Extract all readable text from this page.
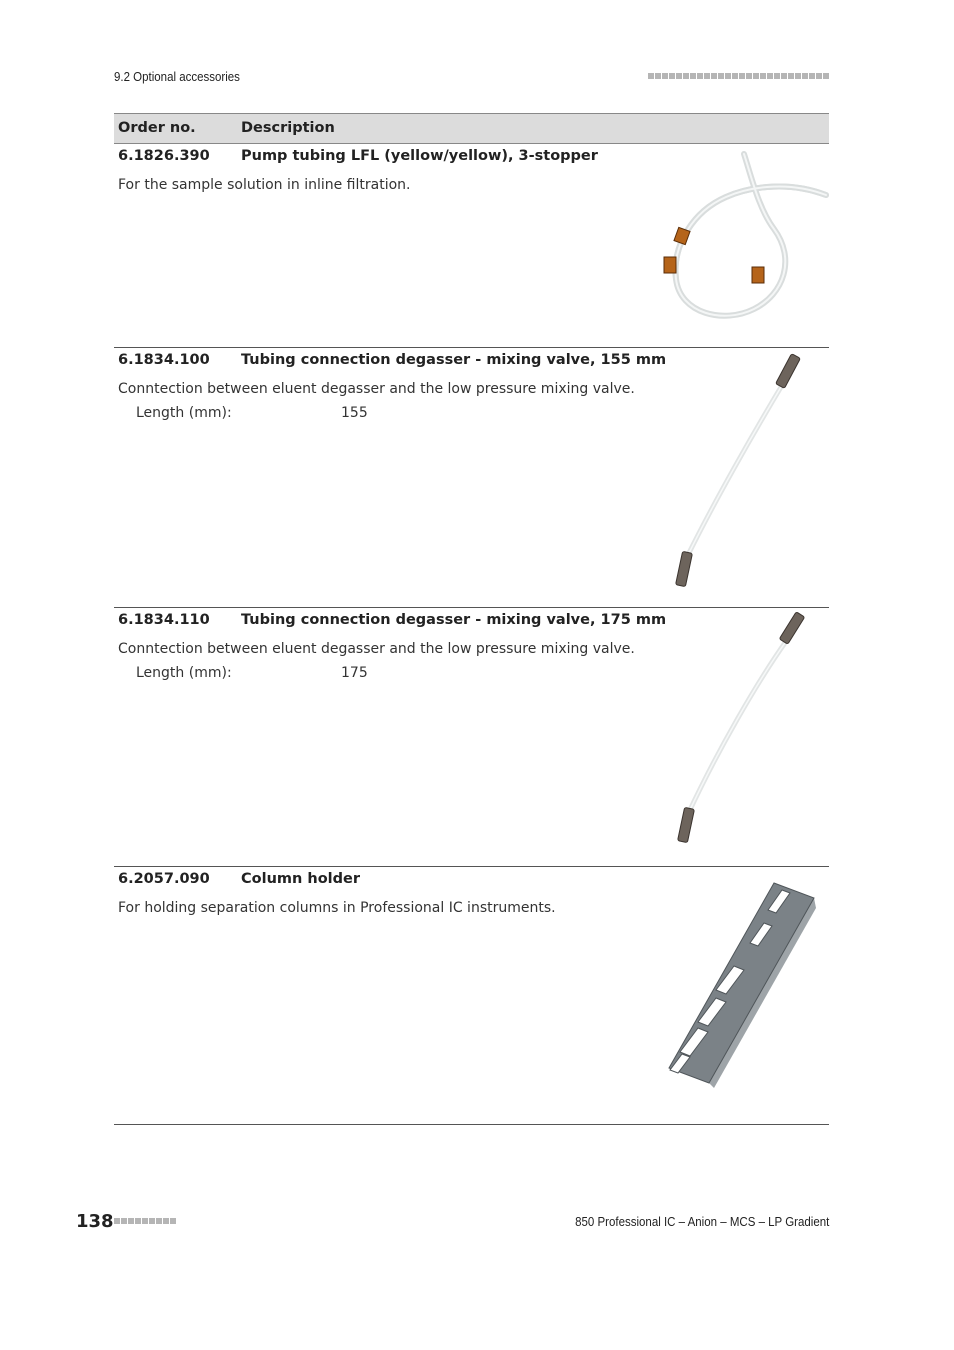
9.2 Optional accessories
Order no.	Description
6.1826.390 Pump tubing LFL (yellow/yellow), 3-stopper
For the sample solution in inline filtration.
6.1834.100 Tubing connection degasser - mixing valve, 155 mm
Conntection between eluent degasser and the low pressure mixing valve.
Length (mm):	155
6.1834.110 Tubing connection degasser - mixing valve, 175 mm
Conntection between eluent degasser and the low pressure mixing valve.
Length (mm):	175
6.2057.090 Column holder
For holding separation columns in Professional IC instruments.
138	850 Professional IC – Anion – MCS – LP Gradient
